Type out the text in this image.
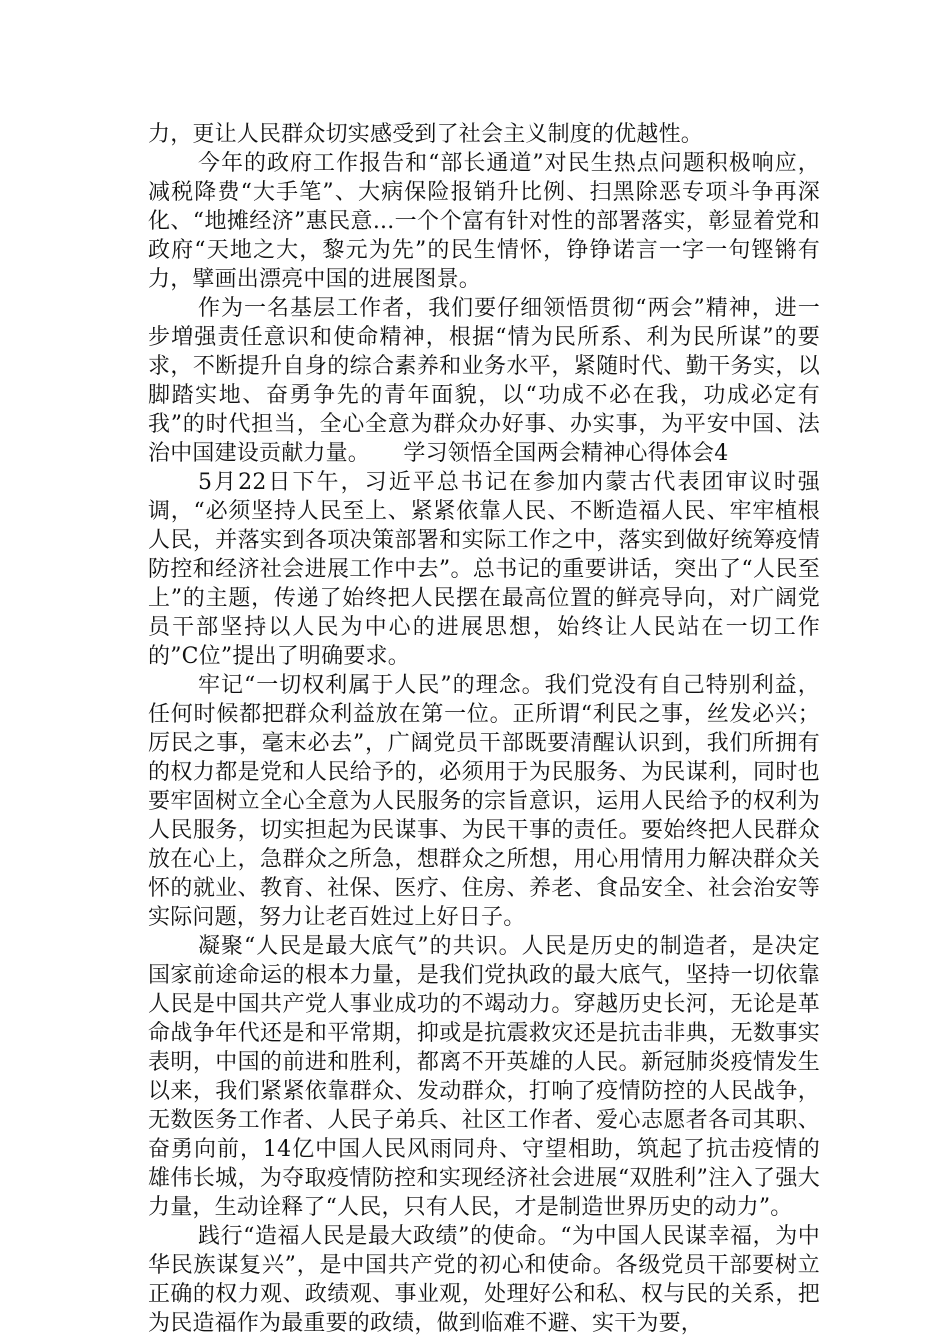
力，更让人民群众切实感受到了社会主义制度的优越性。

今年的政府工作报告和“部长通道”对民生热点问题积极响应，减税降费“大手笔”、大病保险报销升比例、扫黑除恶专项斗争再深化、“地摊经济”惠民意...一个个富有针对性的部署落实，彰显着党和政府“天地之大，黎元为先”的民生情怀，铮铮诺言一字一句铿锵有力，擘画出漂亮中国的进展图景。

作为一名基层工作者，我们要仔细领悟贯彻“两会”精神，进一步増强责任意识和使命精神，根据“情为民所系、利为民所谋”的要求，不断提升自身的综合素养和业务水平，紧随时代、勤干务实，以脚踏实地、奋勇争先的青年面貌，以“功成不必在我，功成必定有我”的时代担当，全心全意为群众办好事、办实事，为平安中国、法治中国建设贡献力量。　　学习领悟全国两会精神心得体会4

5月22日下午，习近平总书记在参加内蒙古代表团审议时强调，“必须坚持人民至上、紧紧依靠人民、不断造福人民、牢牢植根人民，并落实到各项决策部署和实际工作之中，落实到做好统筹疫情防控和经济社会进展工作中去”。总书记的重要讲话，突出了“人民至上”的主题，传递了始终把人民摆在最高位置的鲜亮导向，对广阔党员干部坚持以人民为中心的进展思想，始终让人民站在一切工作的”C位”提出了明确要求。

牢记“一切权利属于人民”的理念。我们党没有自己特别利益，任何时候都把群众利益放在第一位。正所谓“利民之事，丝发必兴；厉民之事，毫末必去”，广阔党员干部既要清醒认识到，我们所拥有的权力都是党和人民给予的，必须用于为民服务、为民谋利，同时也要牢固树立全心全意为人民服务的宗旨意识，运用人民给予的权利为人民服务，切实担起为民谋事、为民干事的责任。要始终把人民群众放在心上，急群众之所急，想群众之所想，用心用情用力解决群众关怀的就业、教育、社保、医疗、住房、养老、食品安全、社会治安等实际问题，努力让老百姓过上好日子。

凝聚“人民是最大底气”的共识。人民是历史的制造者，是决定国家前途命运的根本力量，是我们党执政的最大底气，坚持一切依靠人民是中国共产党人事业成功的不竭动力。穿越历史长河，无论是革命战争年代还是和平常期，抑或是抗震救灾还是抗击非典，无数事实表明，中国的前进和胜利，都离不开英雄的人民。新冠肺炎疫情发生以来，我们紧紧依靠群众、发动群众，打响了疫情防控的人民战争，无数医务工作者、人民子弟兵、社区工作者、爱心志愿者各司其职、奋勇向前，14亿中国人民风雨同舟、守望相助，筑起了抗击疫情的雄伟长城，为夺取疫情防控和实现经济社会进展“双胜利”注入了强大力量，生动诠释了“人民，只有人民，才是制造世界历史的动力”。

践行“造福人民是最大政绩”的使命。“为中国人民谋幸福，为中华民族谋复兴”，是中国共产党的初心和使命。各级党员干部要树立正确的权力观、政绩观、事业观，处理好公和私、权与民的关系，把为民造福作为最重要的政绩，做到临难不避、实干为要，
